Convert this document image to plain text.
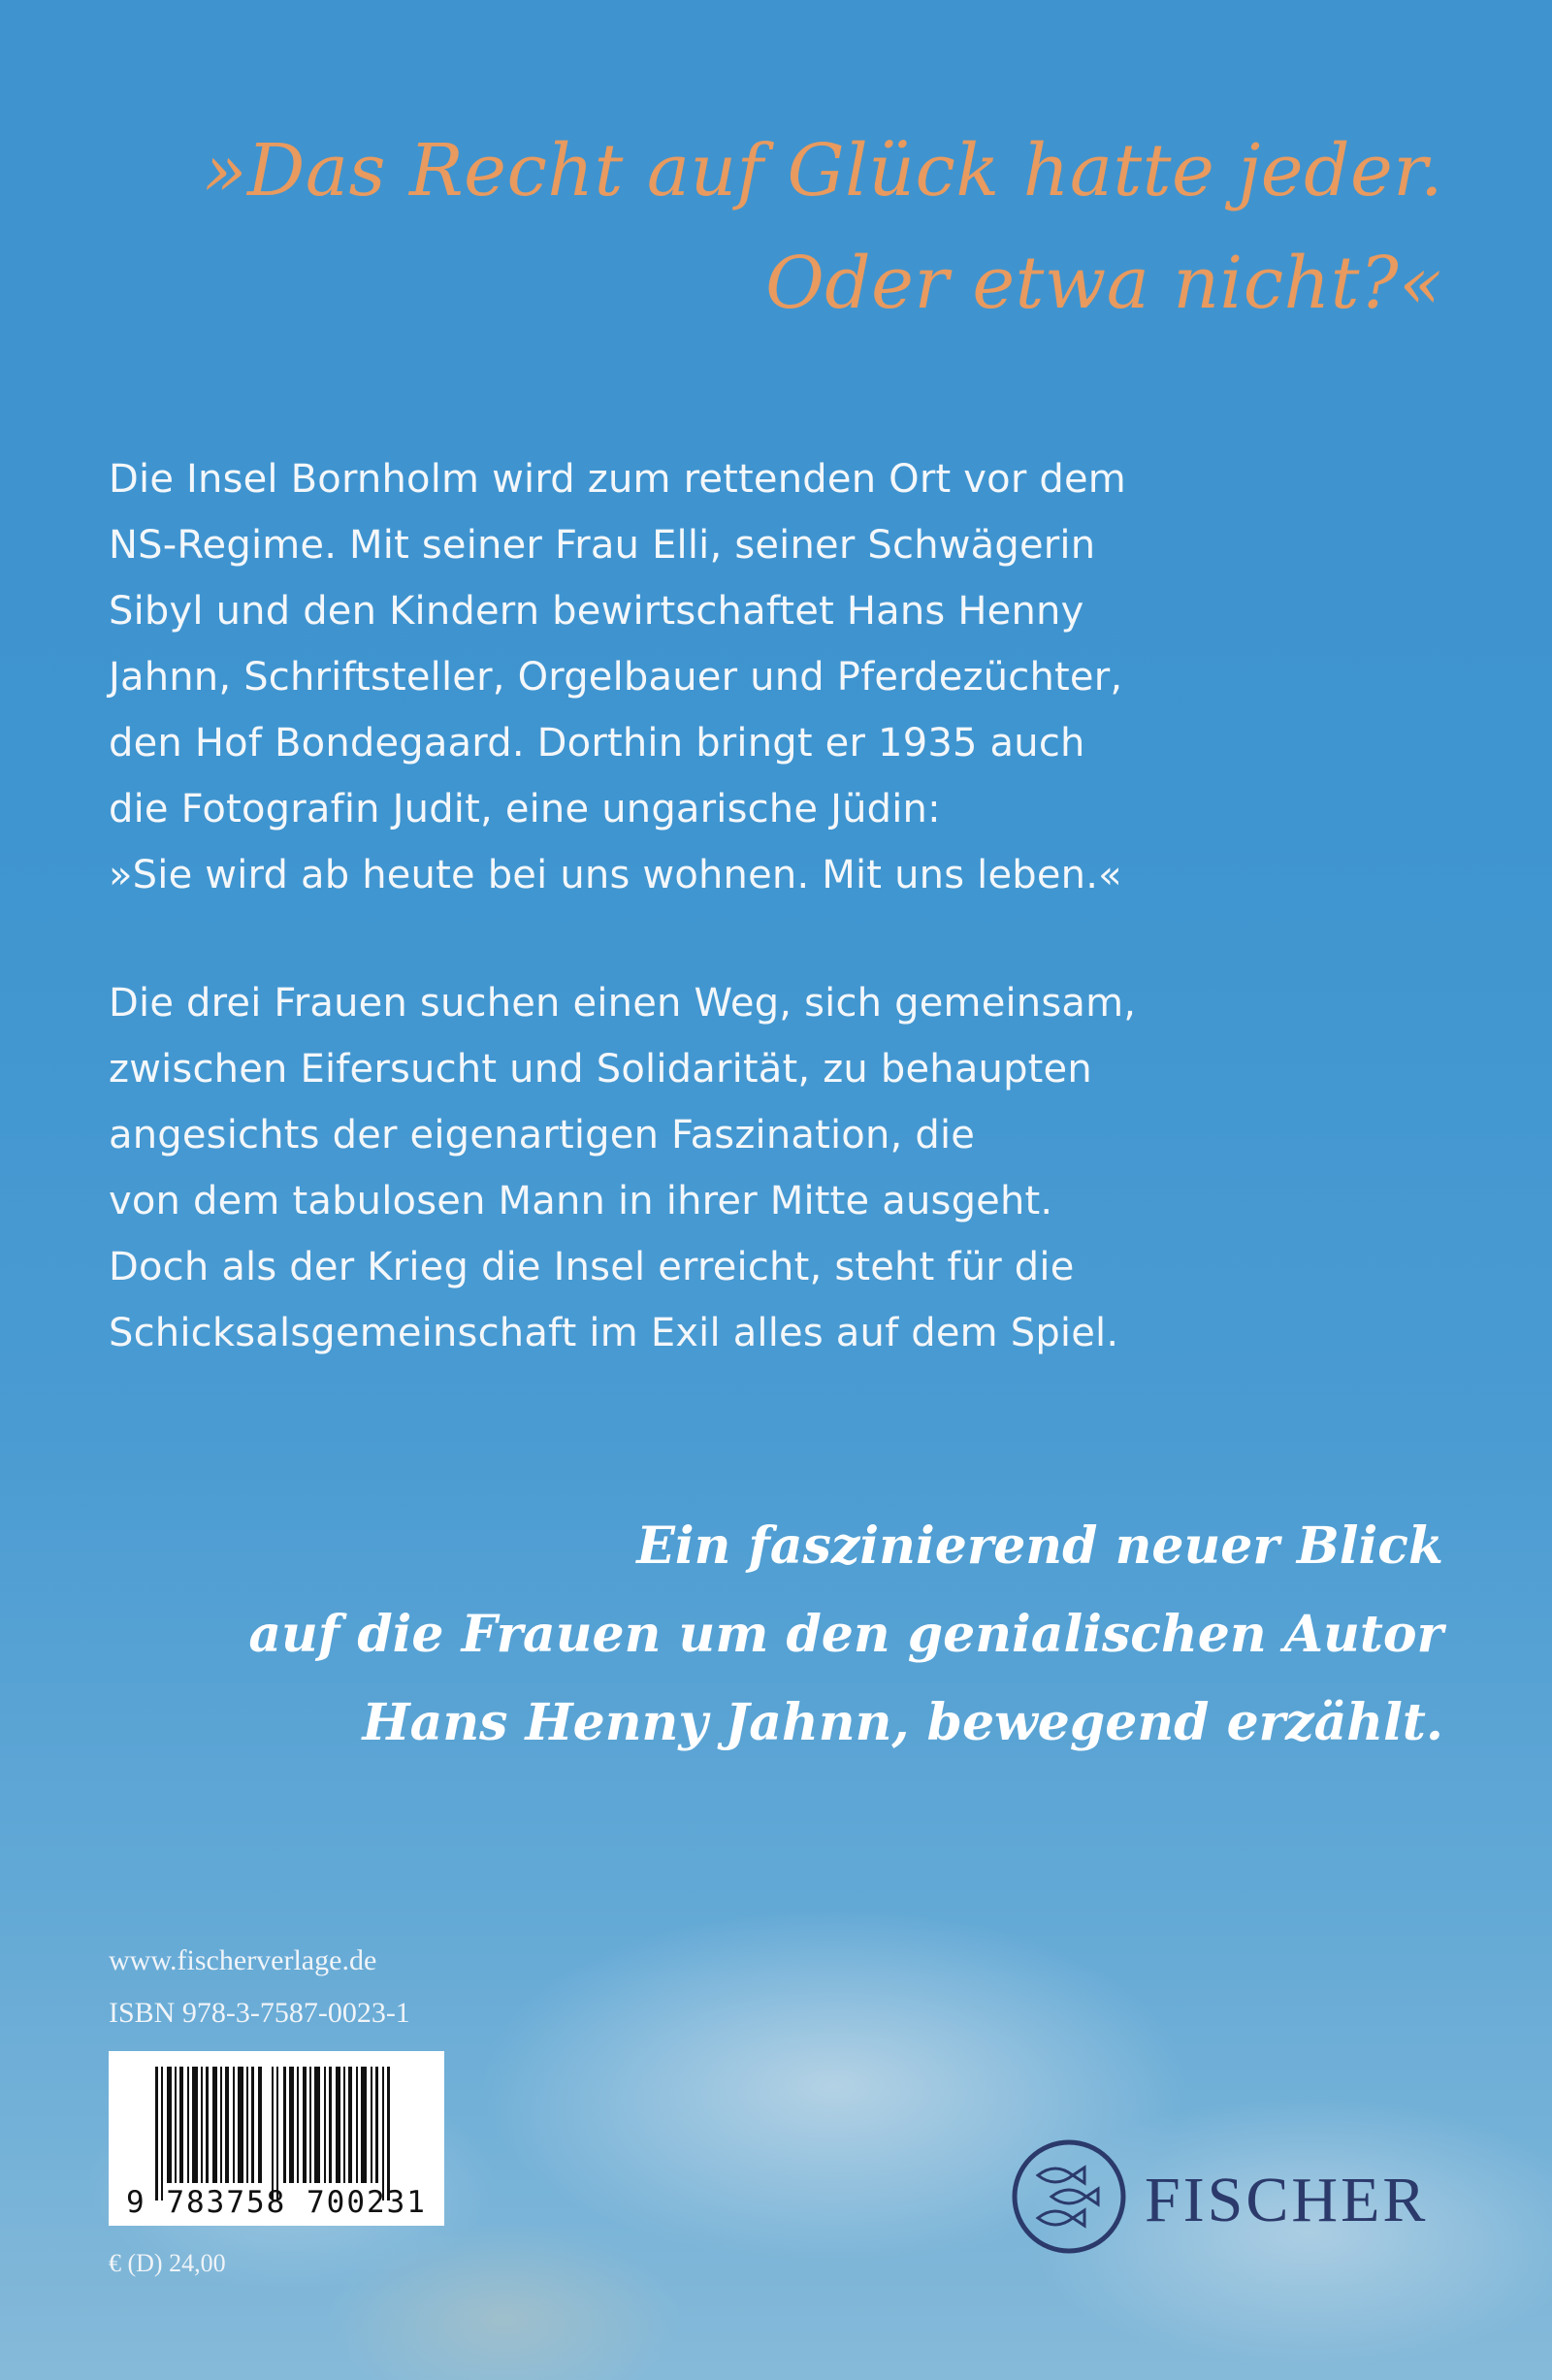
»Das Recht auf Glück hatte jeder.
Oder etwa nicht?«
Die Insel Bornholm wird zum rettenden Ort vor dem
NS-Regime. Mit seiner Frau Elli, seiner Schwägerin
Sibyl und den Kindern bewirtschaftet Hans Henny
Jahnn, Schriftsteller, Orgelbauer und Pferdezüchter,
den Hof Bondegaard. Dorthin bringt er 1935 auch
die Fotografin Judit, eine ungarische Jüdin:
»Sie wird ab heute bei uns wohnen. Mit uns leben.«
Die drei Frauen suchen einen Weg, sich gemeinsam,
zwischen Eifersucht und Solidarität, zu behaupten
angesichts der eigenartigen Faszination, die
von dem tabulosen Mann in ihrer Mitte ausgeht.
Doch als der Krieg die Insel erreicht, steht für die
Schicksalsgemeinschaft im Exil alles auf dem Spiel.
Ein faszinierend neuer Blick
auf die Frauen um den genialischen Autor
Hans Henny Jahnn, bewegend erzählt.
www.fischerverlage.de
ISBN 978-3-7587-0023-1
9 783758 700231
€ (D) 24,00
FISCHER
